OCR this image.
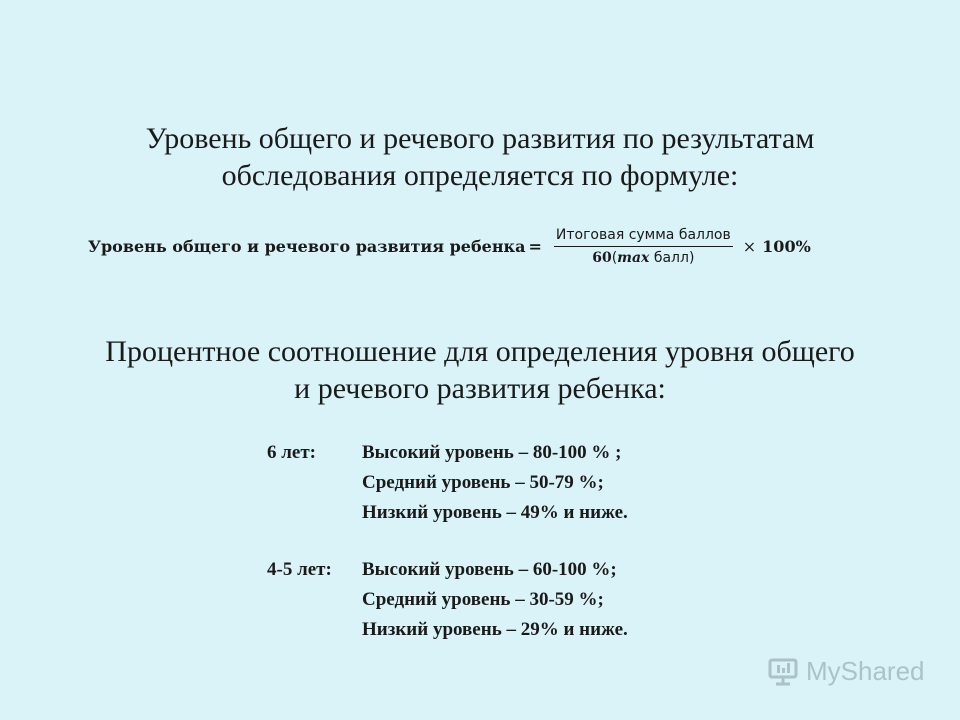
Уровень общего и речевого развития по результатам
обследования определяется по формуле:
Уровень общего и речевого развития ребенка = $\frac{\text{Итоговая сумма баллов}}{\text{60(max балл)}} \times 100\%$
Процентное соотношение для определения уровня общего
и речевого развития ребенка:
6 лет: Высокий уровень – 80-100 % ;
Средний уровень – 50-79 %;
Низкий уровень – 49% и ниже.
4-5 лет: Высокий уровень – 60-100 %;
Средний уровень – 30-59 %;
Низкий уровень – 29% и ниже.
MyShared
